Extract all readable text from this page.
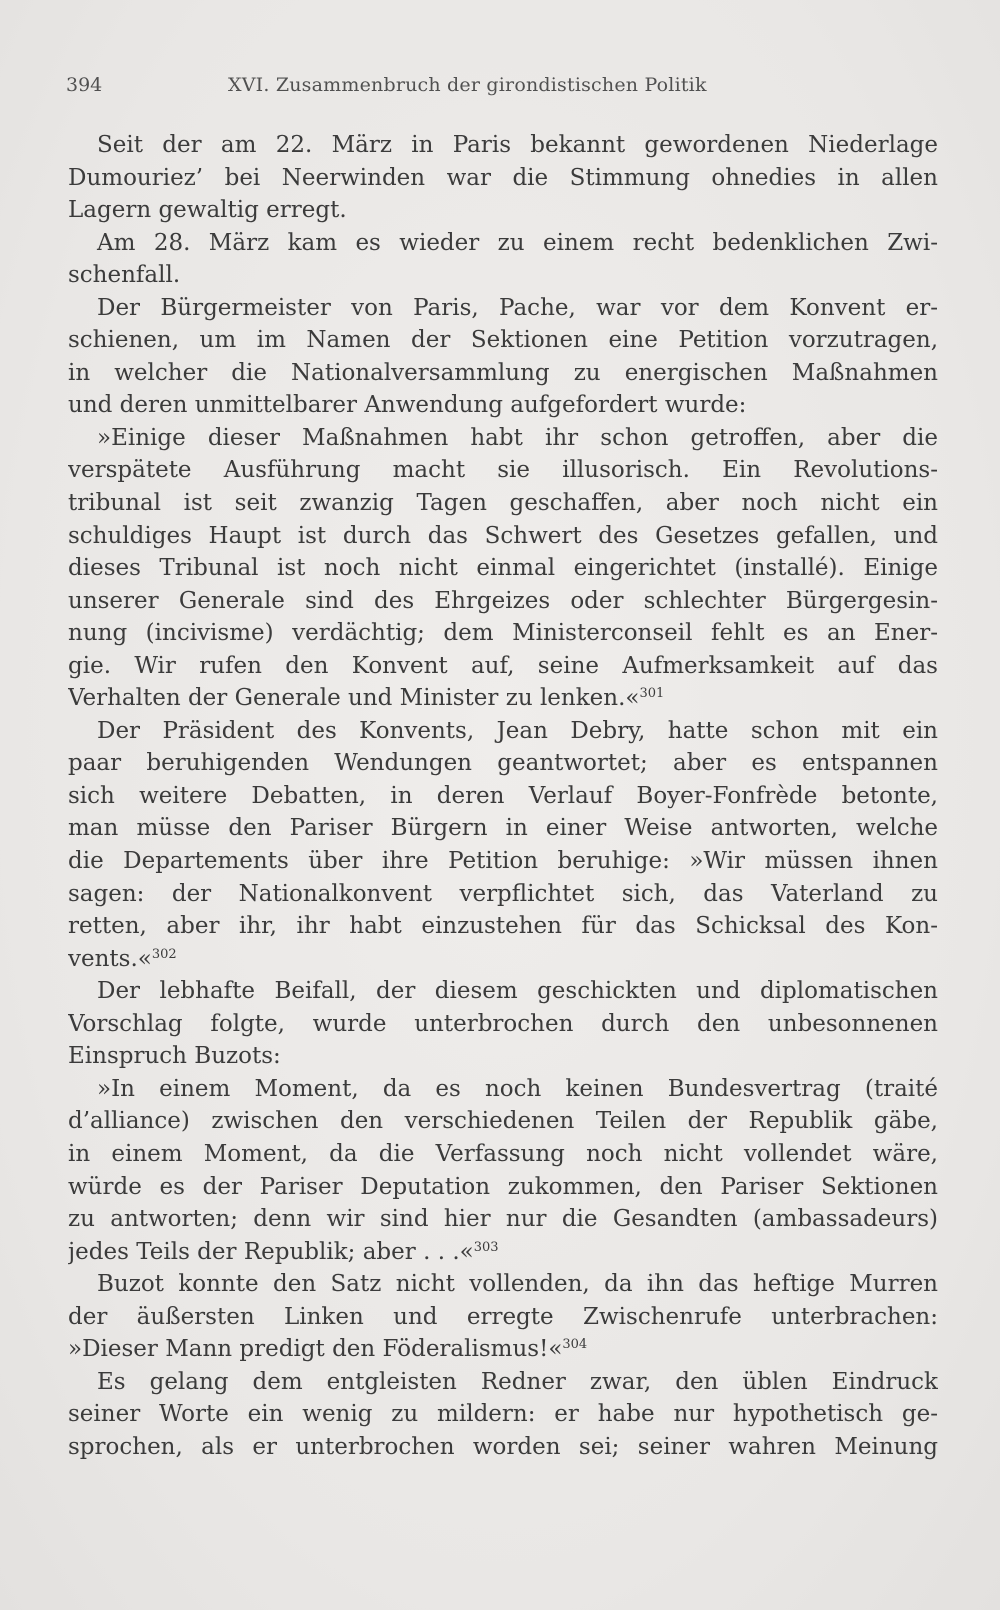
394	XVI. Zusammenbruch der girondistischen Politik
Seit der am 22. März in Paris bekannt gewordenen Niederlage
Dumouriez’ bei Neerwinden war die Stimmung ohnedies in allen
Lagern gewaltig erregt.
Am 28. März kam es wieder zu einem recht bedenklichen Zwi-
schenfall.
Der Bürgermeister von Paris, Pache, war vor dem Konvent er-
schienen, um im Namen der Sektionen eine Petition vorzutragen,
in welcher die Nationalversammlung zu energischen Maßnahmen
und deren unmittelbarer Anwendung aufgefordert wurde:
»Einige dieser Maßnahmen habt ihr schon getroffen, aber die
verspätete Ausführung macht sie illusorisch. Ein Revolutions-
tribunal ist seit zwanzig Tagen geschaffen, aber noch nicht ein
schuldiges Haupt ist durch das Schwert des Gesetzes gefallen, und
dieses Tribunal ist noch nicht einmal eingerichtet (installé). Einige
unserer Generale sind des Ehrgeizes oder schlechter Bürgergesin-
nung (incivisme) verdächtig; dem Ministerconseil fehlt es an Ener-
gie. Wir rufen den Konvent auf, seine Aufmerksamkeit auf das
Verhalten der Generale und Minister zu lenken.«$^{301}$
Der Präsident des Konvents, Jean Debry, hatte schon mit ein
paar beruhigenden Wendungen geantwortet; aber es entspannen
sich weitere Debatten, in deren Verlauf Boyer-Fonfrède betonte,
man müsse den Pariser Bürgern in einer Weise antworten, welche
die Departements über ihre Petition beruhige: »Wir müssen ihnen
sagen: der Nationalkonvent verpflichtet sich, das Vaterland zu
retten, aber ihr, ihr habt einzustehen für das Schicksal des Kon-
vents.«$^{302}$
Der lebhafte Beifall, der diesem geschickten und diplomatischen
Vorschlag folgte, wurde unterbrochen durch den unbesonnenen
Einspruch Buzots:
»In einem Moment, da es noch keinen Bundesvertrag (traité
d’alliance) zwischen den verschiedenen Teilen der Republik gäbe,
in einem Moment, da die Verfassung noch nicht vollendet wäre,
würde es der Pariser Deputation zukommen, den Pariser Sektionen
zu antworten; denn wir sind hier nur die Gesandten (ambassadeurs)
jedes Teils der Republik; aber . . .«$^{303}$
Buzot konnte den Satz nicht vollenden, da ihn das heftige Murren
der äußersten Linken und erregte Zwischenrufe unterbrachen:
»Dieser Mann predigt den Föderalismus!«$^{304}$
Es gelang dem entgleisten Redner zwar, den üblen Eindruck
seiner Worte ein wenig zu mildern: er habe nur hypothetisch ge-
sprochen, als er unterbrochen worden sei; seiner wahren Meinung
